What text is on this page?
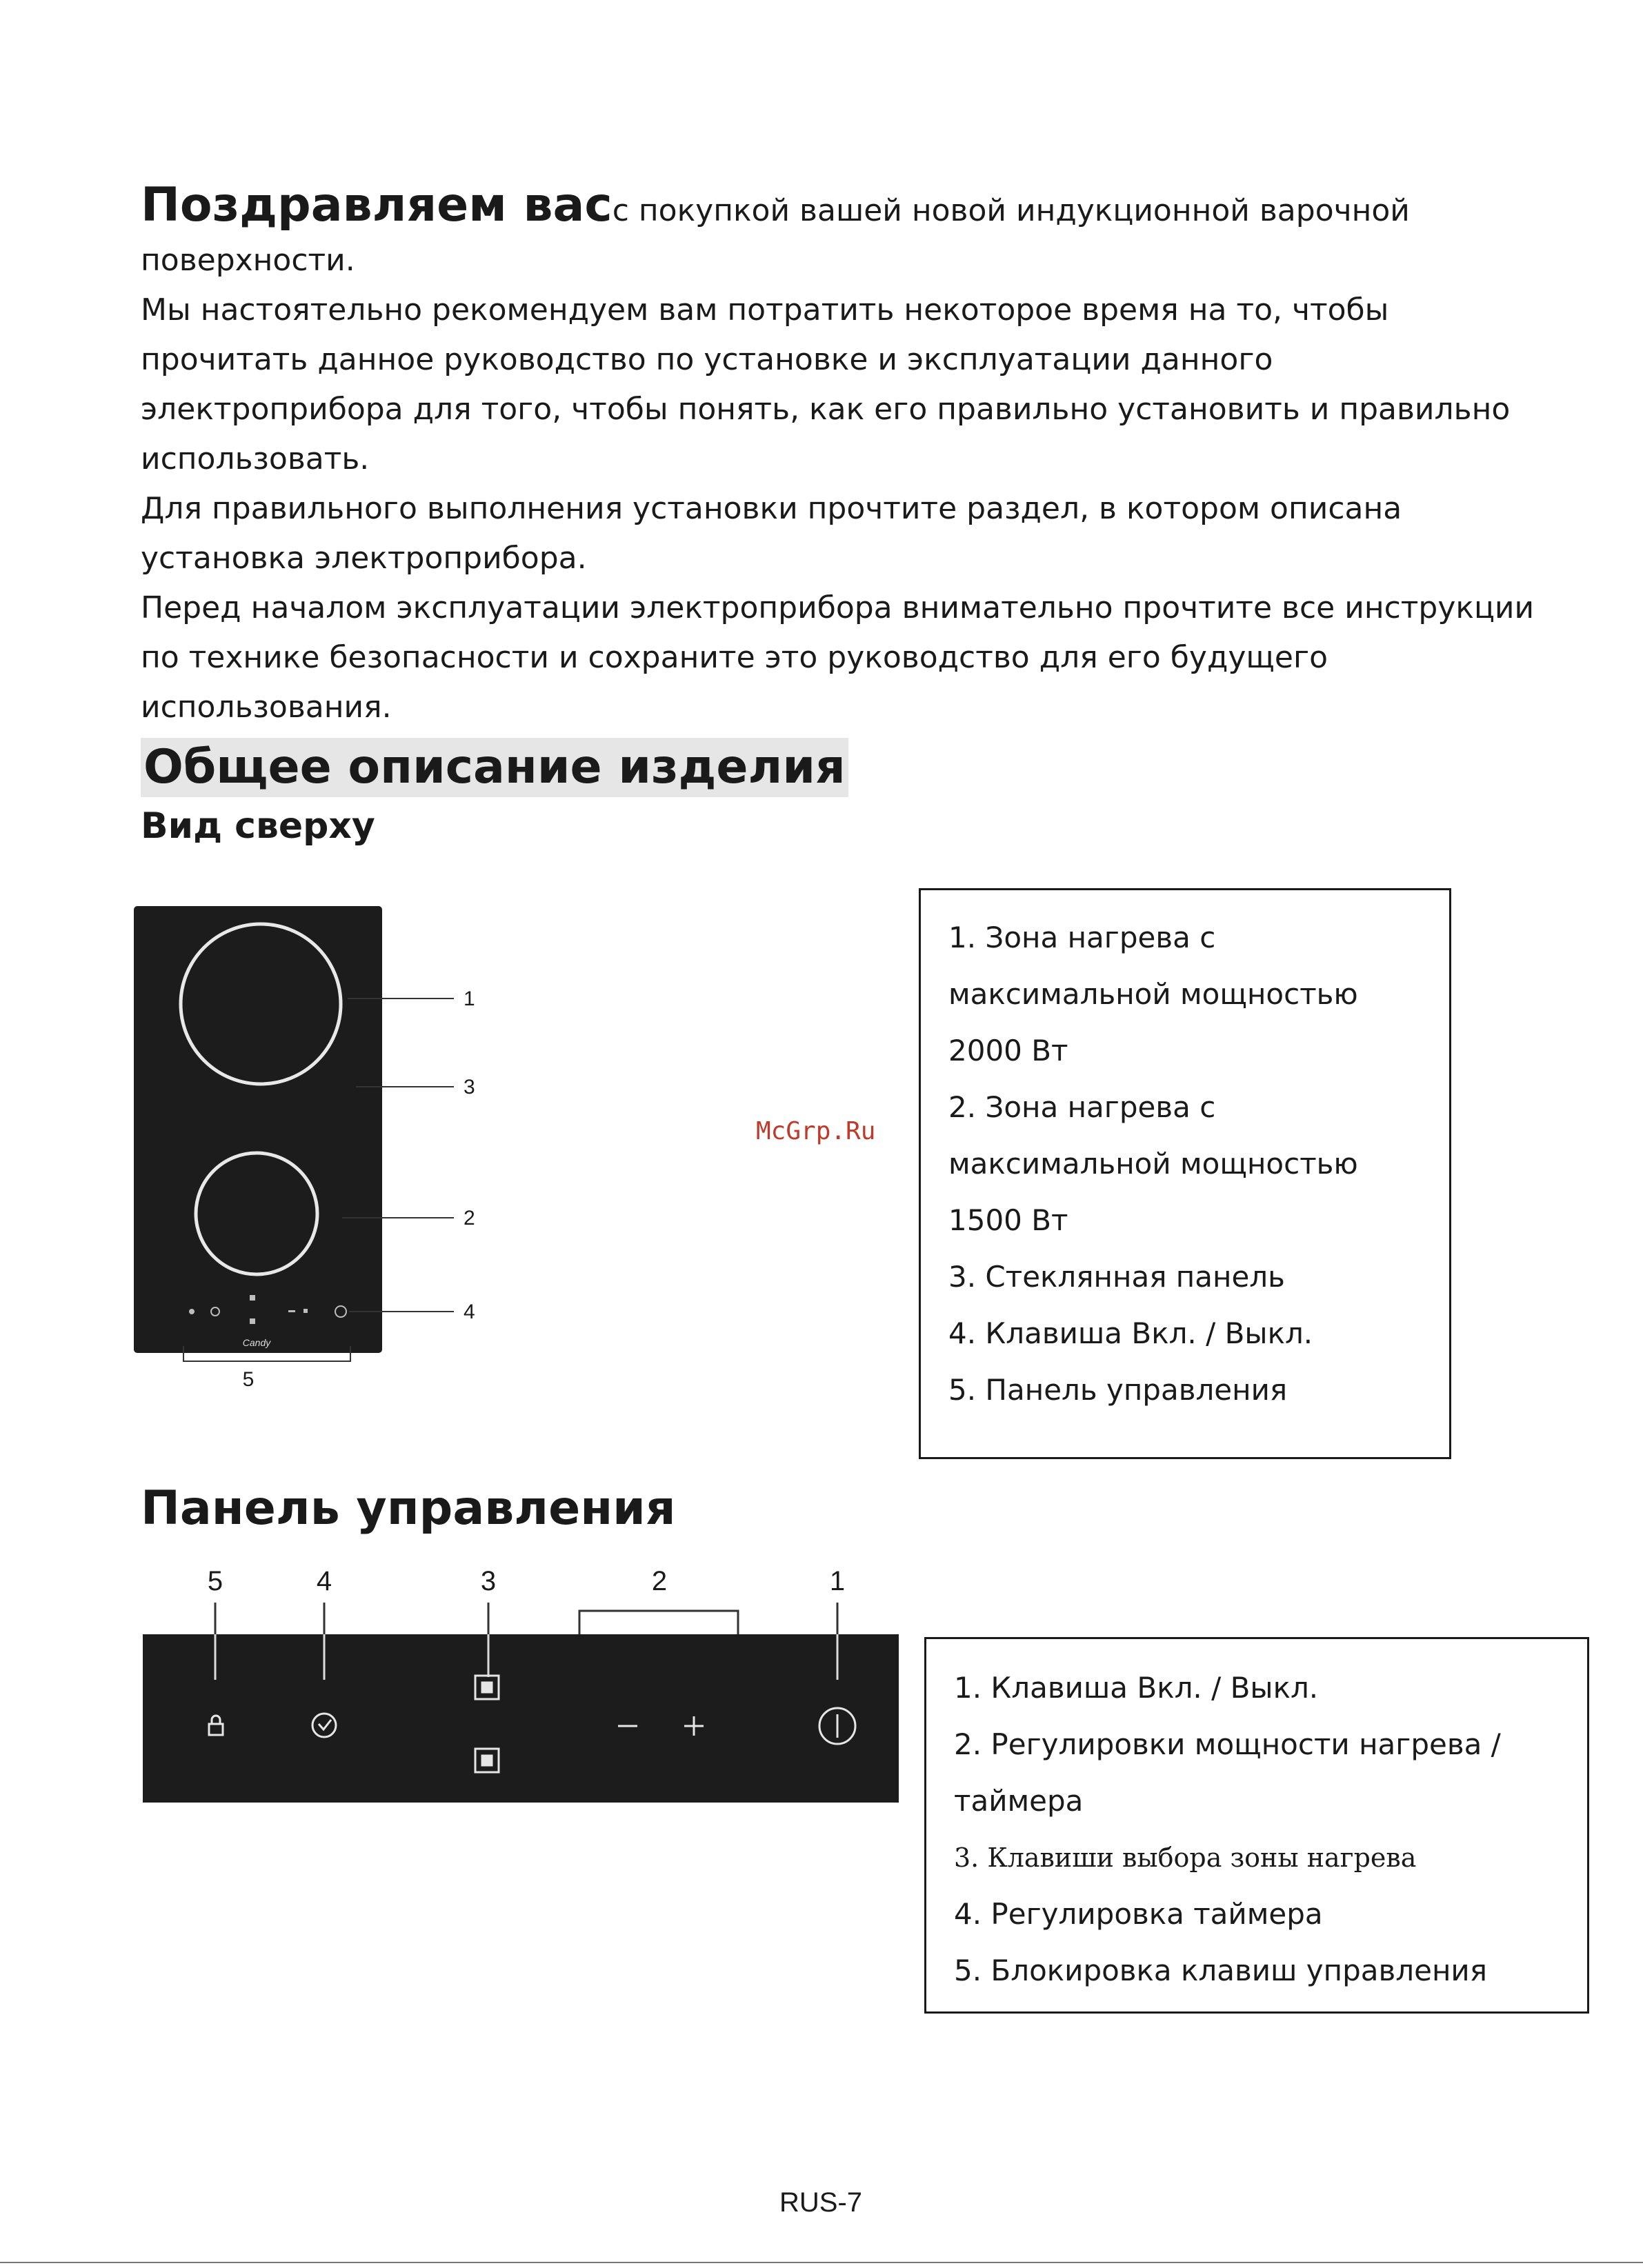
Поздравляем васс покупкой вашей новой индукционной варочной поверхности.

Мы настоятельно рекомендуем вам потратить некоторое время на то, чтобы прочитать данное руководство по установке и эксплуатации данного электроприбора для того, чтобы понять, как его правильно установить и правильно использовать.

Для правильного выполнения установки прочтите раздел, в котором описана установка электроприбора.

Перед началом эксплуатации электроприбора внимательно прочтите все инструкции по технике безопасности и сохраните это руководство для его будущего использования.

Общее описание изделия
Вид сверху
Candy
1
3
2
4
5
McGrp.Ru
1. Зона нагрева с максимальной мощностью 2000 Вт
2. Зона нагрева с максимальной мощностью 1500 Вт
3. Стеклянная панель
4. Клавиша Вкл. / Выкл.
5. Панель управления
Панель управления
5	4	3	2	1
1. Клавиша Вкл. / Выкл.
2. Регулировки мощности нагрева / таймера
3. Клавиши выбора зоны нагрева
4. Регулировка таймера
5. Блокировка клавиш управления
RUS-7
